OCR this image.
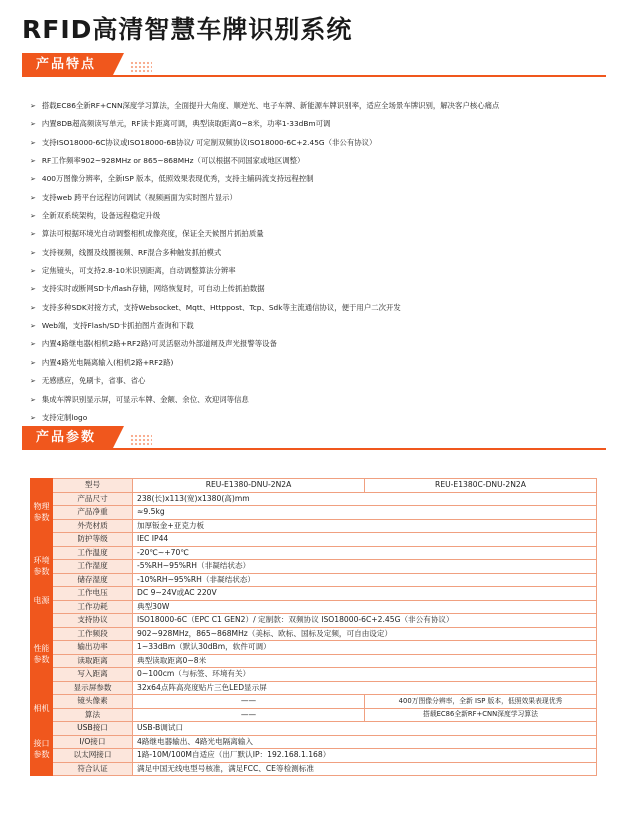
RFID高清智慧车牌识别系统
产品特点
➢ 搭载EC86全新RF+CNN深度学习算法，全面提升大角度、顺逆光、电子车牌、新能源车牌识别率，适应全场景车牌识别，解决客户核心痛点
➢ 内置8DB超高频读写单元，RF读卡距离可调，典型读取距离0~8米，功率1-33dBm可调
➢ 支持ISO18000-6C协议或ISO18000-6B协议/ 可定制双频协议ISO18000-6C+2.45G（非公有协议）
➢ RF工作频率902~928MHz or 865~868MHz（可以根据不同国家或地区调整）
➢ 400万图像分辨率，全新ISP 版本，低照效果表现优秀，支持主辅码流支持远程控制
➢ 支持web 跨平台远程访问调试（视频画面为实时图片显示）
➢ 全新双系统架构，设备远程稳定升级
➢ 算法可根据环境光自动调整相机成像亮度，保证全天候图片抓拍质量
➢ 支持视频，线圈及线圈视频、RF混合多种触发抓拍模式
➢ 定焦镜头，可支持2.8-10米识别距离，自动调整算法分辨率
➢ 支持实时或断网SD卡/flash存储，网络恢复时，可自动上传抓拍数据
➢ 支持多种SDK对接方式，支持Websocket、Mqtt、Httppost、Tcp、Sdk等主流通信协议，便于用户二次开发
➢ Web端，支持Flash/SD卡抓拍图片查询和下载
➢ 内置4路继电器(相机2路+RF2路)可灵活驱动外部道闸及声光报警等设备
➢ 内置4路光电隔离输入(相机2路+RF2路)
➢ 无感感应，免刷卡，省事、省心
➢ 集成车牌识别显示屏，可显示车牌、金额、余位、欢迎词等信息
➢ 支持定制logo
产品参数
物理参数	型号	REU-E1380-DNU-2N2A	REU-E1380C-DNU-2N2A
	产品尺寸	238(长)x113(宽)x1380(高)mm	
	产品净重	≈9.5kg	
	外壳材质	加厚钣金+亚克力板	
	防护等级	IEC IP44	
环境参数	工作温度	-20℃~+70℃	
	工作湿度	-5%RH~95%RH（非凝结状态）	
	储存湿度	-10%RH~95%RH（非凝结状态）	
电源	工作电压	DC 9~24V或AC 220V	
	工作功耗	典型30W	
性能参数	支持协议	ISO18000-6C（EPC C1 GEN2）/ 定制款：双频协议 ISO18000-6C+2.45G（非公有协议）	
	工作频段	902~928MHz，865~868MHz（美标、欧标、国标及定频，可自由设定）	
	输出功率	1~33dBm（默认30dBm，软件可调）	
	读取距离	典型读取距离0~8米	
	写入距离	0~100cm（与标签、环境有关）	
	显示屏参数	32x64点阵高亮度贴片三色LED显示屏	
相机	镜头像素	——	400万图像分辨率，全新 ISP 版本，低照效果表现优秀
	算法	——	搭载EC86全新RF+CNN深度学习算法
接口参数	USB接口	USB-B调试口	
	I/O接口	4路继电器输出、4路光电隔离输入	
	以太网接口	1路-10M/100M自适应（出厂默认IP：192.168.1.168）	
	符合认证	满足中国无线电型号核准，满足FCC、CE等检测标准	
